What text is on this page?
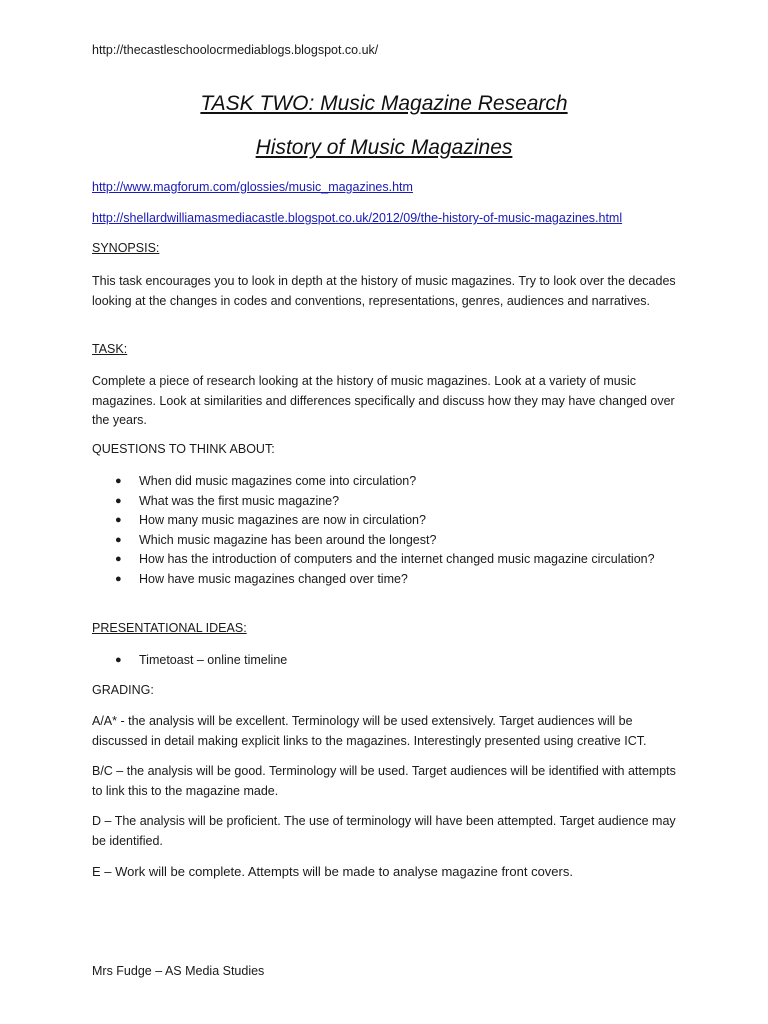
http://thecastleschoolocrmediablogs.blogspot.co.uk/
TASK TWO: Music Magazine Research
History of Music Magazines
http://www.magforum.com/glossies/music_magazines.htm
http://shellardwilliamasmediacastle.blogspot.co.uk/2012/09/the-history-of-music-magazines.html
SYNOPSIS:

This task encourages you to look in depth at the history of music magazines. Try to look over the decades looking at the changes in codes and conventions, representations, genres, audiences and narratives.

TASK:

Complete a piece of research looking at the history of music magazines. Look at a variety of music magazines. Look at similarities and differences specifically and discuss how they may have changed over the years.

QUESTIONS TO THINK ABOUT:
● When did music magazines come into circulation?
● What was the first music magazine?
● How many music magazines are now in circulation?
● Which music magazine has been around the longest?
● How has the introduction of computers and the internet changed music magazine circulation?
● How have music magazines changed over time?
PRESENTATIONAL IDEAS:
● Timetoast – online timeline
GRADING:

A/A* - the analysis will be excellent. Terminology will be used extensively. Target audiences will be discussed in detail making explicit links to the magazines. Interestingly presented using creative ICT.

B/C – the analysis will be good. Terminology will be used. Target audiences will be identified with attempts to link this to the magazine made.

D – The analysis will be proficient. The use of terminology will have been attempted. Target audience may be identified.

E – Work will be complete. Attempts will be made to analyse magazine front covers.

Mrs Fudge – AS Media Studies
